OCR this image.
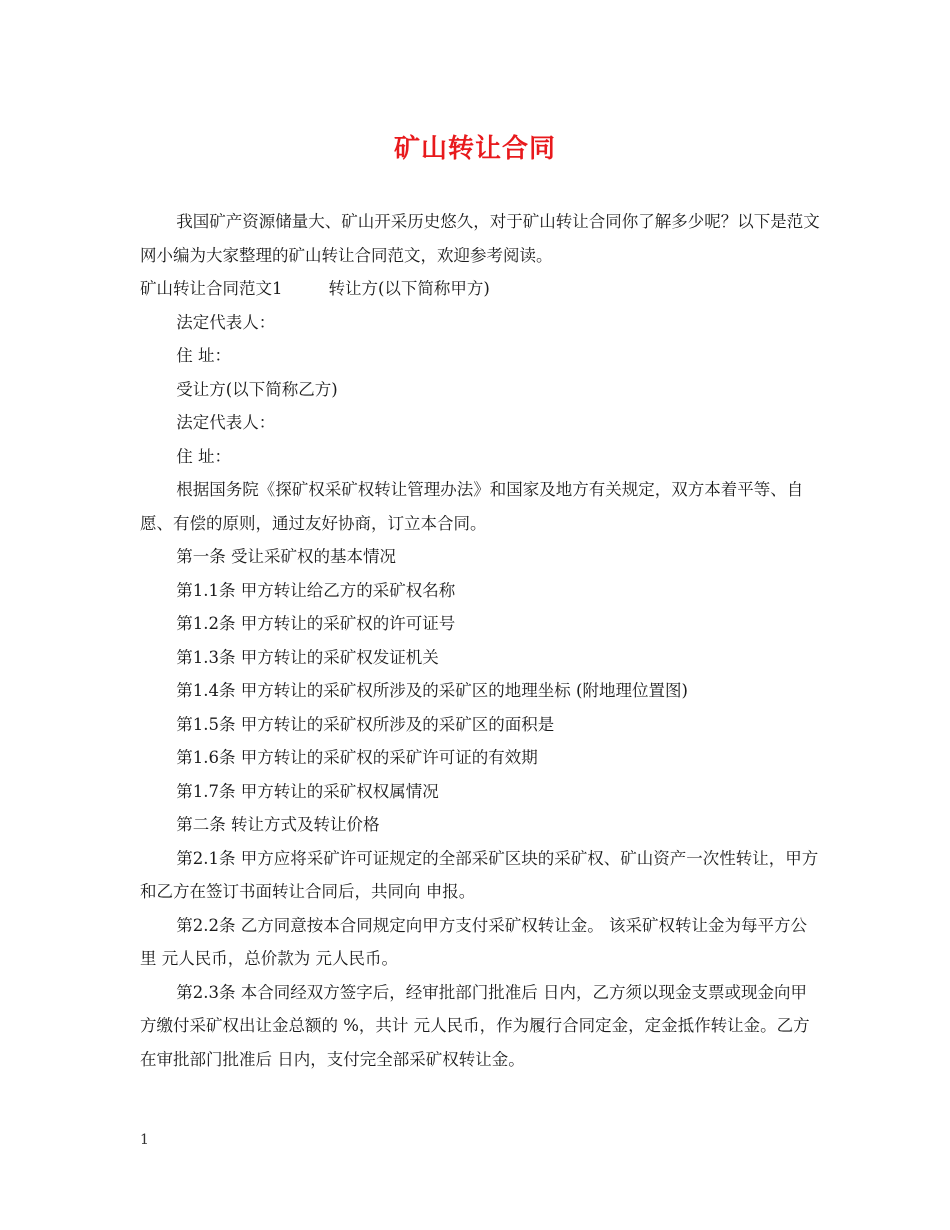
矿山转让合同

我国矿产资源储量大、矿山开采历史悠久，对于矿山转让合同你了解多少呢？以下是范文网小编为大家整理的矿山转让合同范文，欢迎参考阅读。

矿山转让合同范文1	转让方(以下简称甲方)

法定代表人：

住 址：

受让方(以下简称乙方)

法定代表人：

住 址：

根据国务院《探矿权采矿权转让管理办法》和国家及地方有关规定，双方本着平等、自愿、有偿的原则，通过友好协商，订立本合同。

第一条 受让采矿权的基本情况

第1.1条 甲方转让给乙方的采矿权名称

第1.2条 甲方转让的采矿权的许可证号

第1.3条 甲方转让的采矿权发证机关

第1.4条 甲方转让的采矿权所涉及的采矿区的地理坐标 (附地理位置图)

第1.5条 甲方转让的采矿权所涉及的采矿区的面积是

第1.6条 甲方转让的采矿权的采矿许可证的有效期

第1.7条 甲方转让的采矿权权属情况

第二条 转让方式及转让价格

第2.1条 甲方应将采矿许可证规定的全部采矿区块的采矿权、矿山资产一次性转让，甲方和乙方在签订书面转让合同后，共同向 申报。

第2.2条 乙方同意按本合同规定向甲方支付采矿权转让金。 该采矿权转让金为每平方公里 元人民币，总价款为 元人民币。

第2.3条 本合同经双方签字后，经审批部门批准后 日内，乙方须以现金支票或现金向甲方缴付采矿权出让金总额的 %，共计 元人民币，作为履行合同定金，定金抵作转让金。乙方在审批部门批准后 日内，支付完全部采矿权转让金。

1
